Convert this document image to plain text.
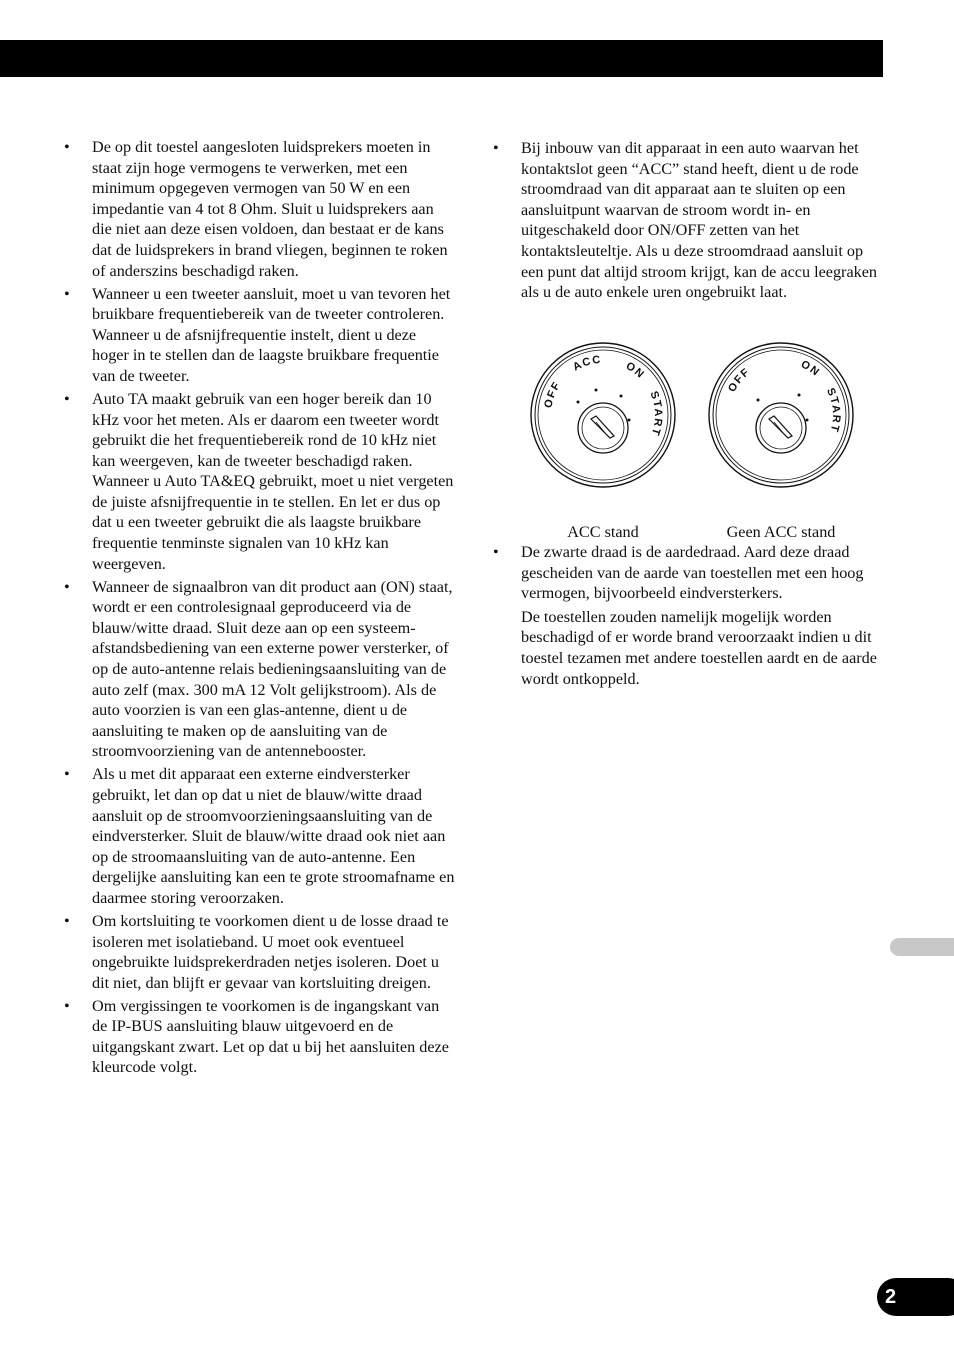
• De op dit toestel aangesloten luidsprekers moeten in staat zijn hoge vermogens te verwerken, met een minimum opgegeven vermogen van 50 W en een impedantie van 4 tot 8 Ohm. Sluit u luidsprekers aan die niet aan deze eisen voldoen, dan bestaat er de kans dat de luidsprekers in brand vliegen, beginnen te roken of anderszins beschadigd raken.
• Wanneer u een tweeter aansluit, moet u van tevoren het bruikbare frequentiebereik van de tweeter controleren. Wanneer u de afsnijfrequentie instelt, dient u deze hoger in te stellen dan de laagste bruikbare frequentie van de tweeter.
• Auto TA maakt gebruik van een hoger bereik dan 10 kHz voor het meten. Als er daarom een tweeter wordt gebruikt die het frequentiebereik rond de 10 kHz niet kan weergeven, kan de tweeter beschadigd raken. Wanneer u Auto TA&EQ gebruikt, moet u niet vergeten de juiste afsnijfrequentie in te stellen. En let er dus op dat u een tweeter gebruikt die als laagste bruikbare frequentie tenminste signalen van 10 kHz kan weergeven.
• Wanneer de signaalbron van dit product aan (ON) staat, wordt er een controlesignaal geproduceerd via de blauw/witte draad. Sluit deze aan op een systeem-afstandsbediening van een externe power versterker, of op de auto-antenne relais bedieningsaansluiting van de auto zelf (max. 300 mA 12 Volt gelijkstroom). Als de auto voorzien is van een glas-antenne, dient u de aansluiting te maken op de aansluiting van de stroomvoorziening van de antennebooster.
• Als u met dit apparaat een externe eindversterker gebruikt, let dan op dat u niet de blauw/witte draad aansluit op de stroomvoorzieningsaansluiting van de eindversterker. Sluit de blauw/witte draad ook niet aan op de stroomaansluiting van de auto-antenne. Een dergelijke aansluiting kan een te grote stroomafname en daarmee storing veroorzaken.
• Om kortsluiting te voorkomen dient u de losse draad te isoleren met isolatieband. U moet ook eventueel ongebruikte luidsprekerdraden netjes isoleren. Doet u dit niet, dan blijft er gevaar van kortsluiting dreigen.
• Om vergissingen te voorkomen is de ingangskant van de IP-BUS aansluiting blauw uitgevoerd en de uitgangskant zwart. Let op dat u bij het aansluiten deze kleurcode volgt.
• Bij inbouw van dit apparaat in een auto waarvan het kontaktslot geen “ACC” stand heeft, dient u de rode stroomdraad van dit apparaat aan te sluiten op een aansluitpunt waarvan de stroom wordt in- en uitgeschakeld door ON/OFF zetten van het kontaktsleuteltje. Als u deze stroomdraad aansluit op een punt dat altijd stroom krijgt, kan de accu leegraken als u de auto enkele uren ongebruikt laat.
• De zwarte draad is de aardedraad. Aard deze draad gescheiden van de aarde van toestellen met een hoog vermogen, bijvoorbeeld eindversterkers.

De toestellen zouden namelijk mogelijk worden beschadigd of er worde brand veroorzaakt indien u dit toestel tezamen met andere toestellen aardt en de aarde wordt ontkoppeld.

OFF
ACC ON
START
ACC stand
OFF	ON
START
Geen ACC stand
2
